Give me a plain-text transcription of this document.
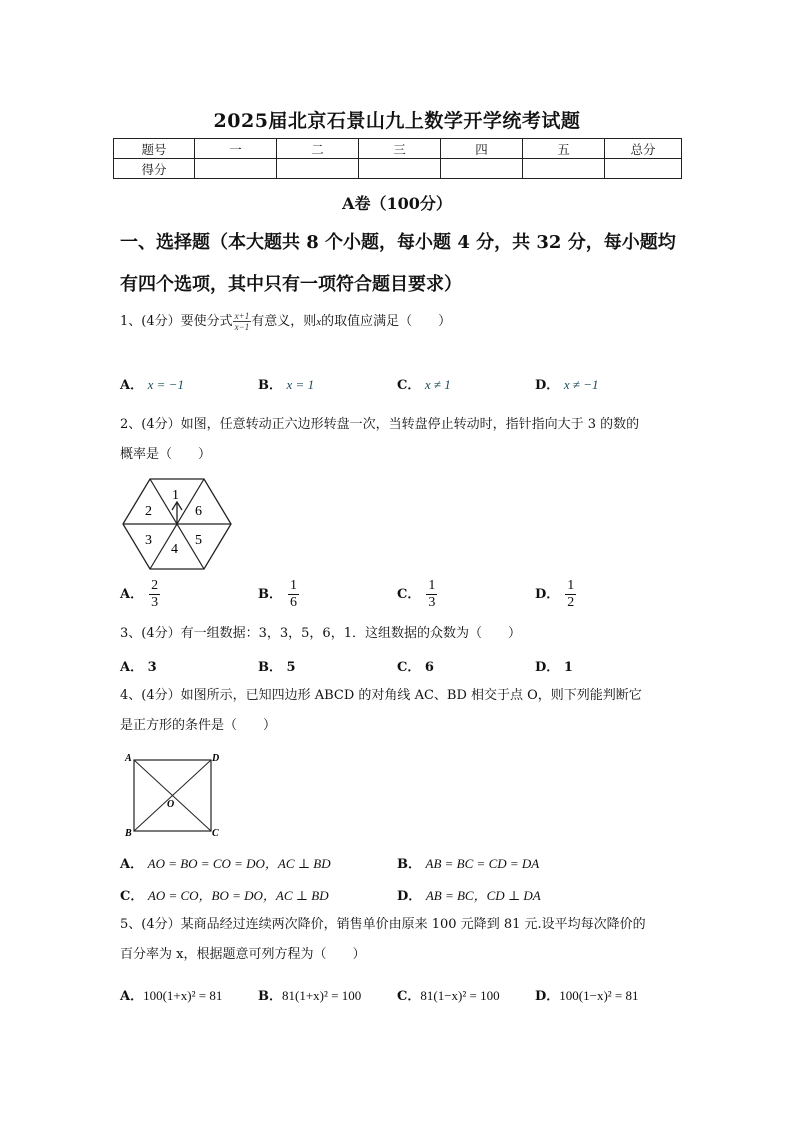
2025届北京石景山九上数学开学统考试题
题号	一	二	三	四	五	总分
得分						
A卷（100分）
一、选择题（本大题共 8 个小题，每小题 4 分，共 32 分，每小题均
有四个选项，其中只有一项符合题目要求）
1、(4分）要使分式 $\frac{x+1}{x-1}$ 有意义，则x的取值应满足（　　）
A． x = −1	B． x = 1	C． x ≠ 1	D． x ≠ −1
2、(4分）如图，任意转动正六边形转盘一次，当转盘停止转动时，指针指向大于 3 的数的
概率是（　　）
1
6
5
4
3
2
A． $\frac{2}{3}$	B． $\frac{1}{6}$	C． $\frac{1}{3}$	D． $\frac{1}{2}$
3、(4分）有一组数据：3，3，5，6，1．这组数据的众数为（　　）
A． 3	B． 5	C． 6	D． 1
4、(4分）如图所示，已知四边形 ABCD 的对角线 AC、BD 相交于点 O，则下列能判断它
是正方形的条件是（　　）
A	D
B	C
O
A． AO = BO = CO = DO，AC ⊥ BD	B． AB = BC = CD = DA
C． AO = CO，BO = DO，AC ⊥ BD	D． AB = BC，CD ⊥ DA
5、(4分）某商品经过连续两次降价，销售单价由原来 100 元降到 81 元.设平均每次降价的
百分率为 x，根据题意可列方程为（　　）
A．100(1+x)² = 81	B．81(1+x)² = 100	C．81(1−x)² = 100	D．100(1−x)² = 81
